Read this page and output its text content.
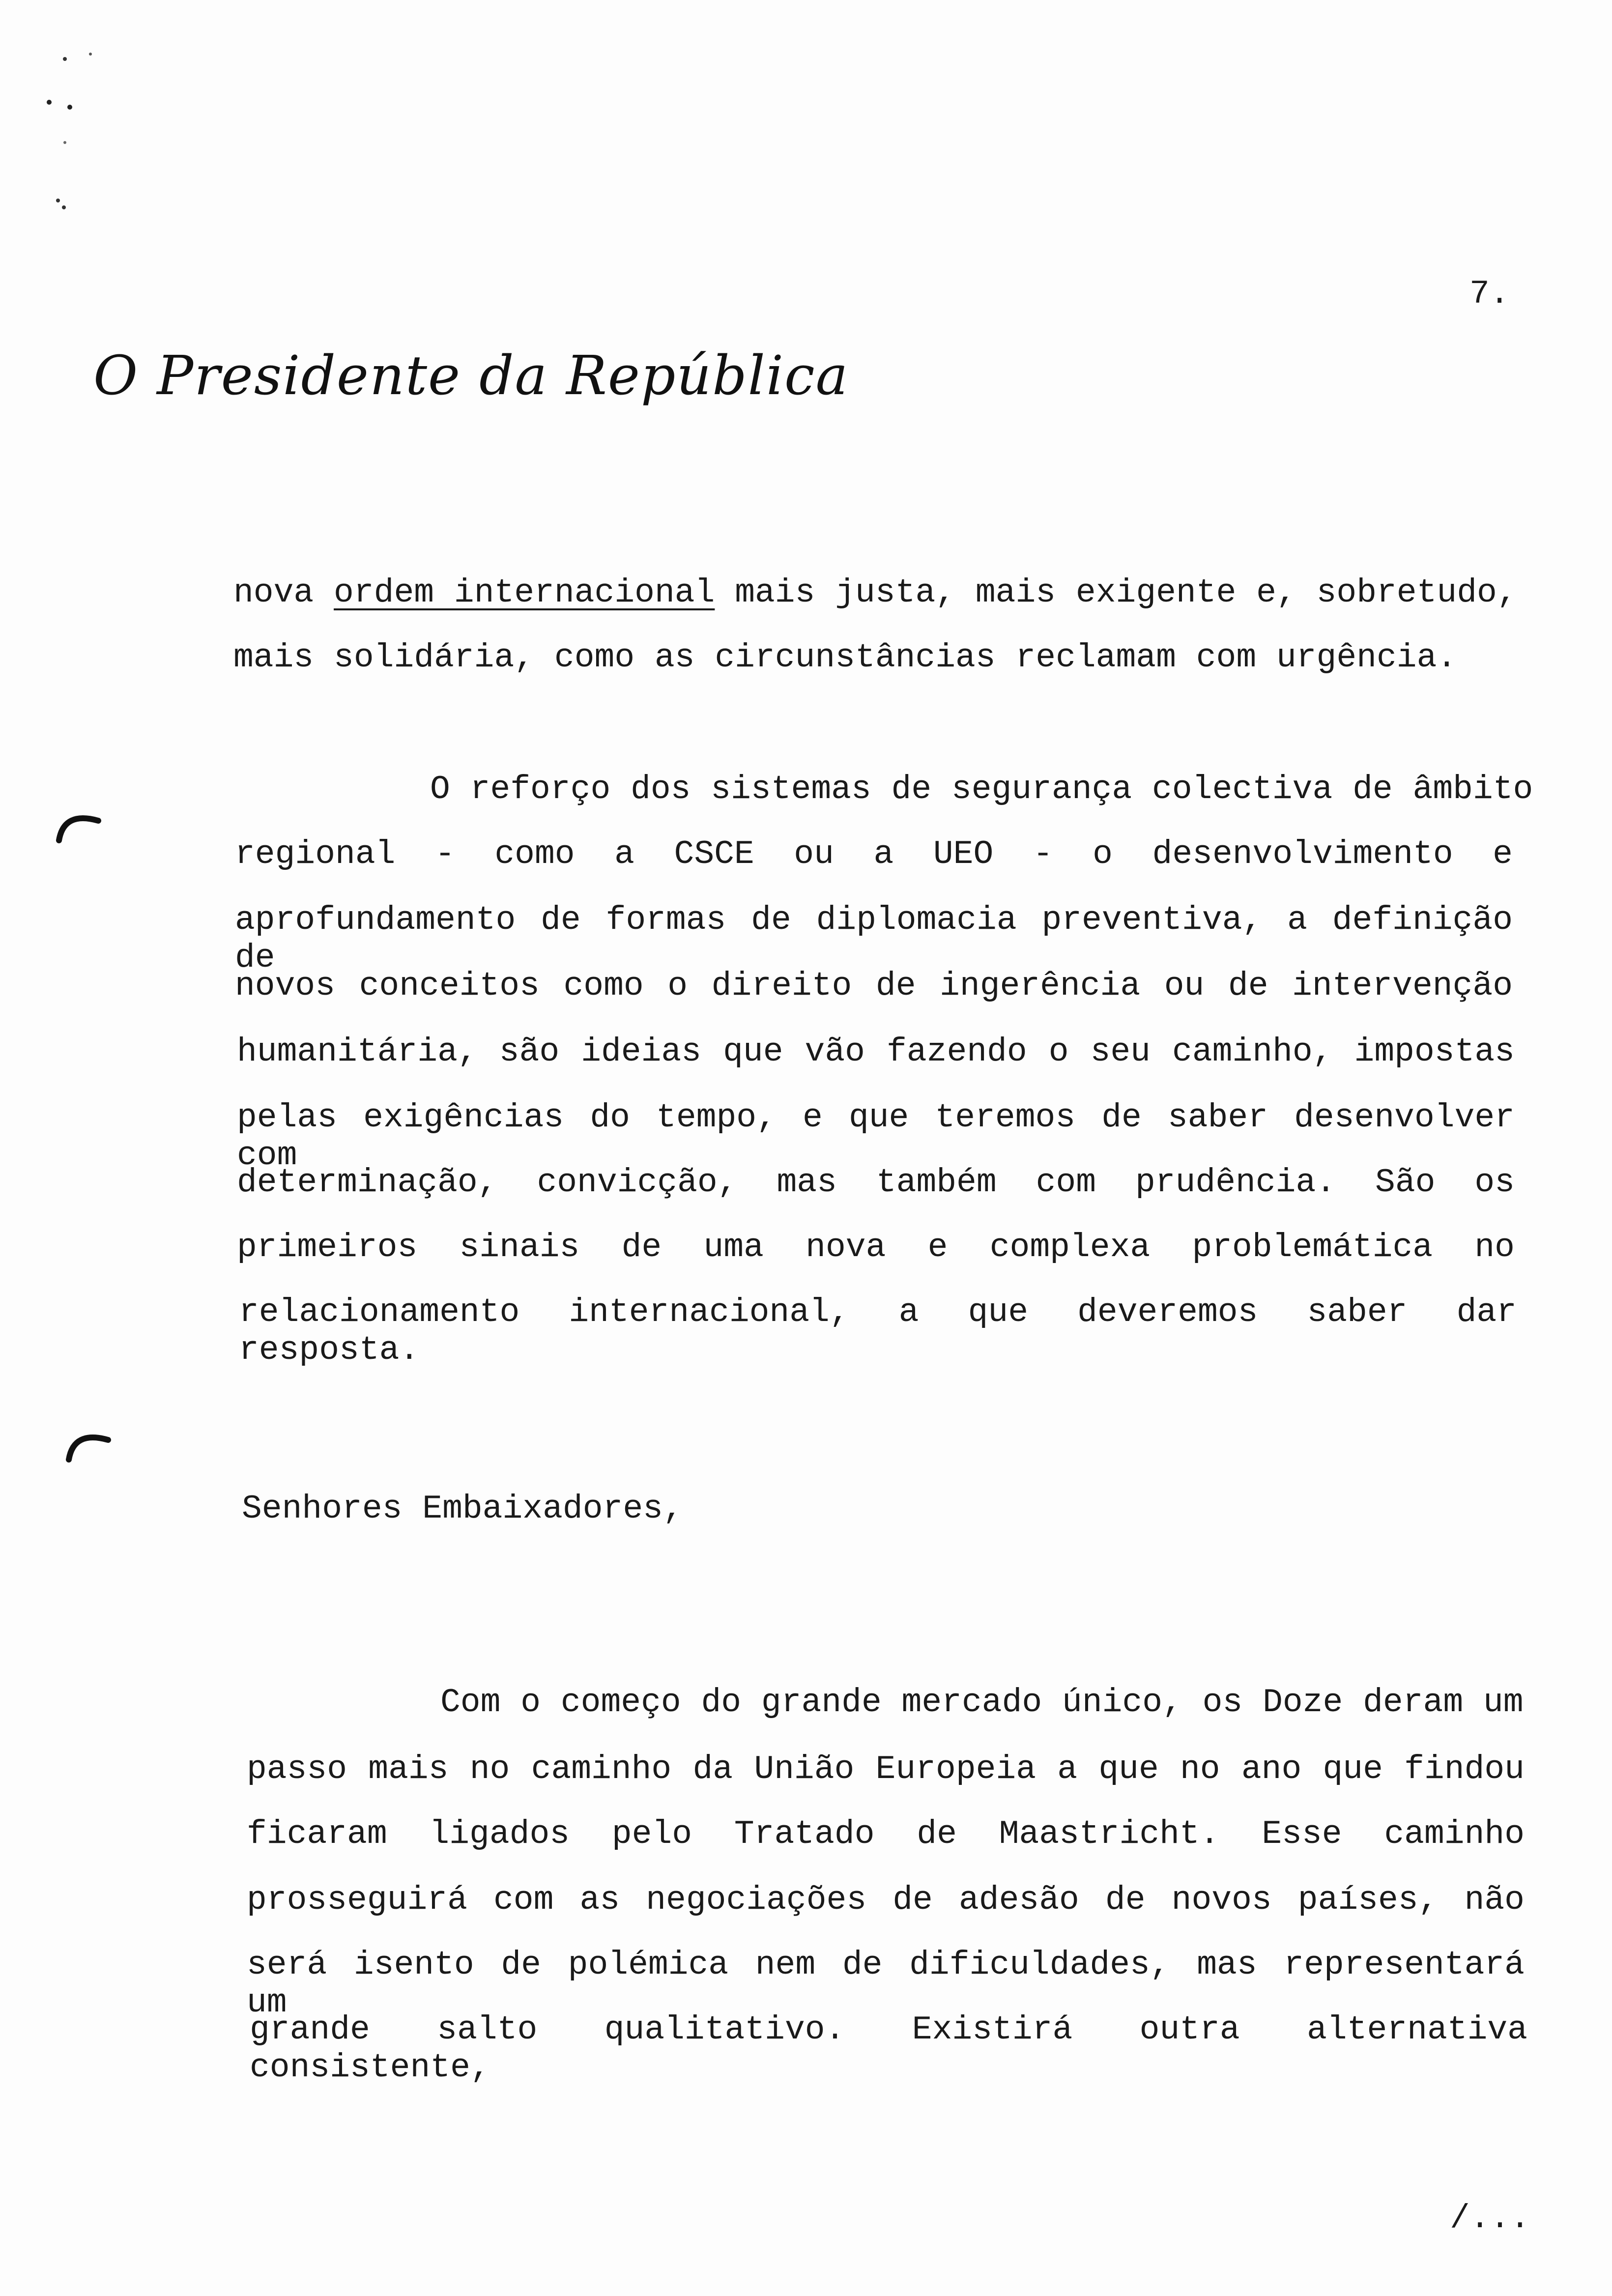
7.
O Presidente da República
nova ordem internacional mais justa, mais exigente e, sobretudo,
mais solidária, como as circunstâncias reclamam com urgência.
O reforço dos sistemas de segurança colectiva de âmbito
regional - como a CSCE ou a UEO - o desenvolvimento e
aprofundamento de formas de diplomacia preventiva, a definição de
novos conceitos como o direito de ingerência ou de intervenção
humanitária, são ideias que vão fazendo o seu caminho, impostas
pelas exigências do tempo, e que teremos de saber desenvolver com
determinação, convicção, mas também com prudência. São os
primeiros sinais de uma nova e complexa problemática no
relacionamento internacional, a que deveremos saber dar resposta.
Senhores Embaixadores,
Com o começo do grande mercado único, os Doze deram um
passo mais no caminho da União Europeia a que no ano que findou
ficaram ligados pelo Tratado de Maastricht. Esse caminho
prosseguirá com as negociações de adesão de novos países, não
será isento de polémica nem de dificuldades, mas representará um
grande salto qualitativo. Existirá outra alternativa consistente,
/...
